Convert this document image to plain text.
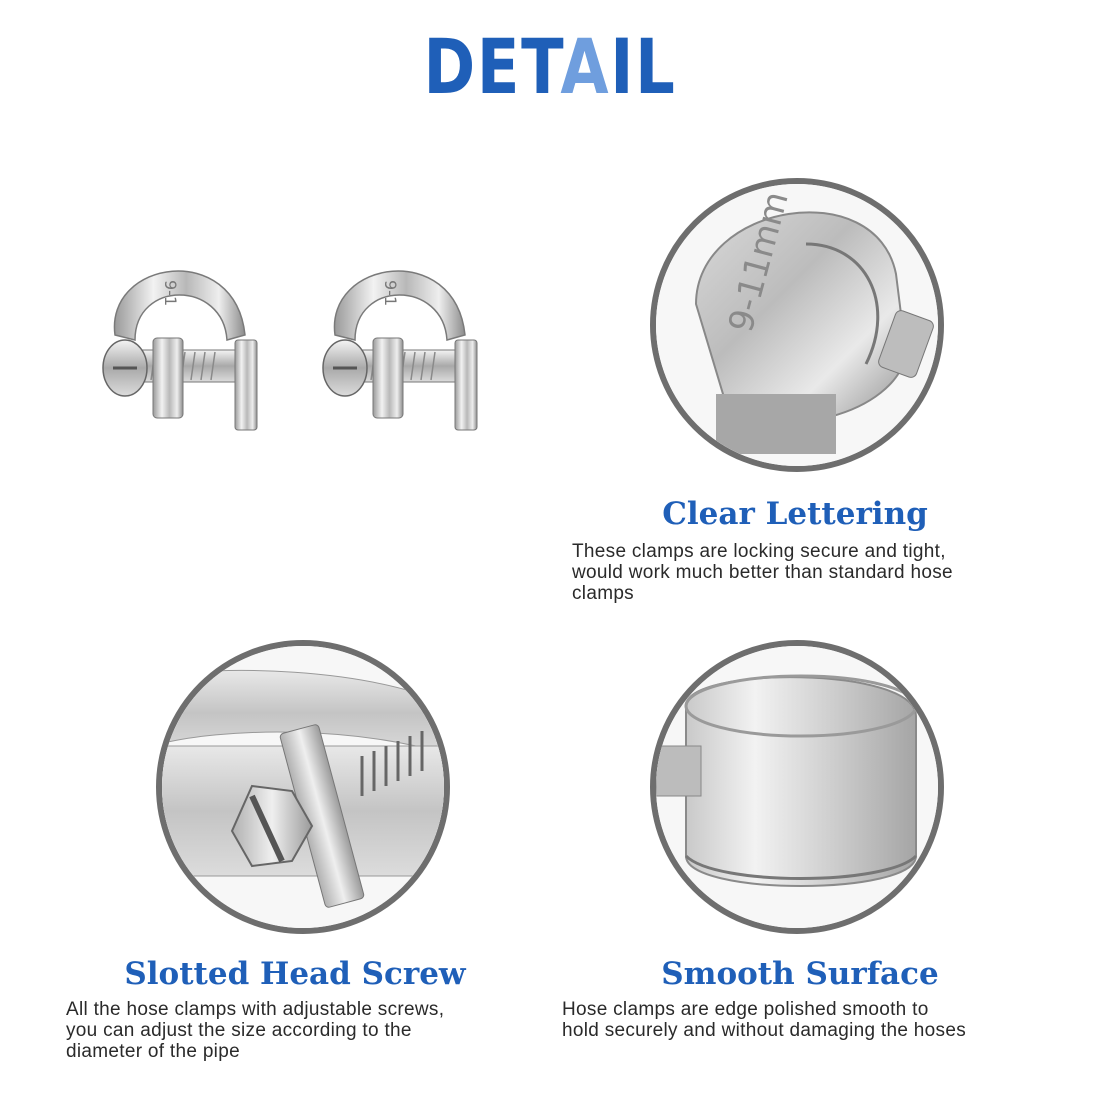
DETAIL
9-1	9-1	9-11mm
Clear Lettering
These clamps are locking secure and tight,
would work much better than standard hose
clamps
Slotted Head Screw
All the hose clamps with adjustable screws,
you can adjust the size according to the
diameter of the pipe
Smooth Surface
Hose clamps are edge polished smooth to
hold securely and without damaging the hoses
